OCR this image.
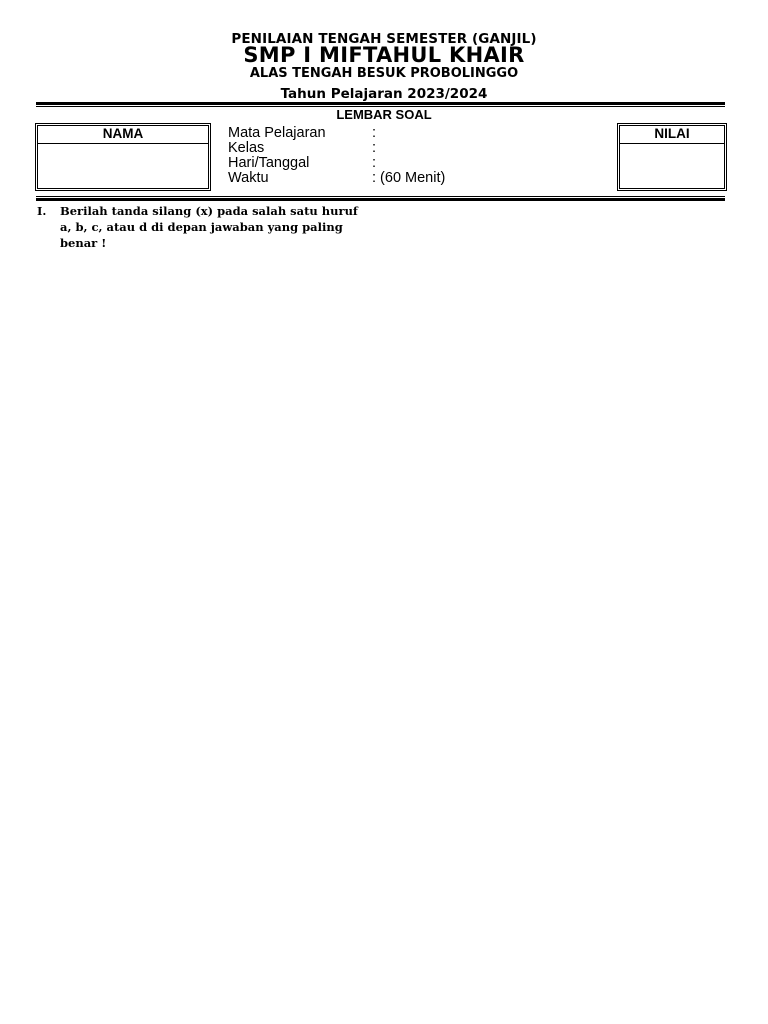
PENILAIAN TENGAH SEMESTER (GANJIL)
SMP I MIFTAHUL KHAIR
ALAS TENGAH BESUK PROBOLINGGO
Tahun Pelajaran 2023/2024
LEMBAR SOAL
NAMA	Mata Pelajaran	:
Kelas	:
Hari/Tanggal	:
Waktu	: (60 Menit)
NILAI
I. Berilah tanda silang (x) pada salah satu huruf
a, b, c, atau d di depan jawaban yang paling
benar !
